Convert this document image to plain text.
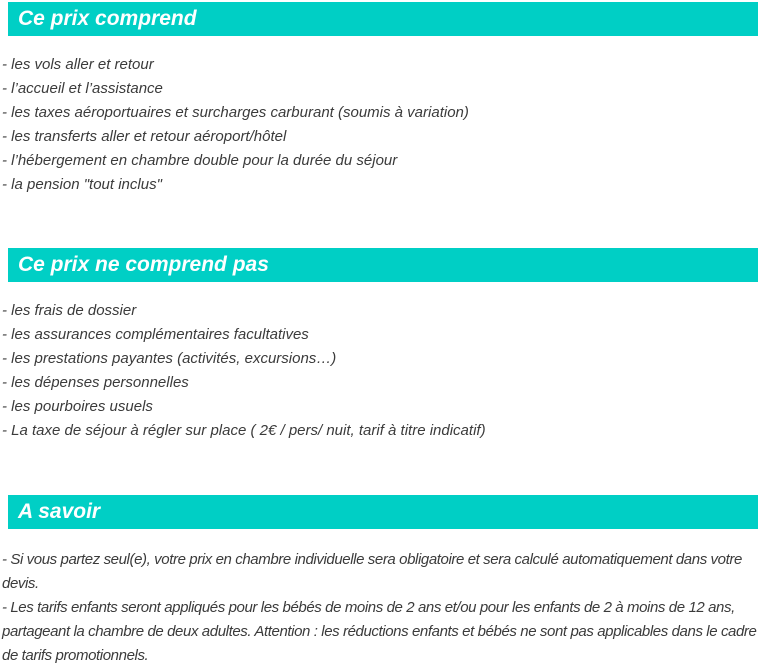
Ce prix comprend
- les vols aller et retour
- l’accueil et l’assistance
- les taxes aéroportuaires et surcharges carburant (soumis à variation)
- les transferts aller et retour aéroport/hôtel
- l’hébergement en chambre double pour la durée du séjour
- la pension "tout inclus"
Ce prix ne comprend pas
- les frais de dossier
- les assurances complémentaires facultatives
- les prestations payantes (activités, excursions…)
- les dépenses personnelles
- les pourboires usuels
- La taxe de séjour à régler sur place ( 2€ / pers/ nuit, tarif à titre indicatif)
A savoir
- Si vous partez seul(e), votre prix en chambre individuelle sera obligatoire et sera calculé automatiquement dans votre devis.
- Les tarifs enfants seront appliqués pour les bébés de moins de 2 ans et/ou pour les enfants de 2 à moins de 12 ans, partageant la chambre de deux adultes. Attention : les réductions enfants et bébés ne sont pas applicables dans le cadre de tarifs promotionnels.
